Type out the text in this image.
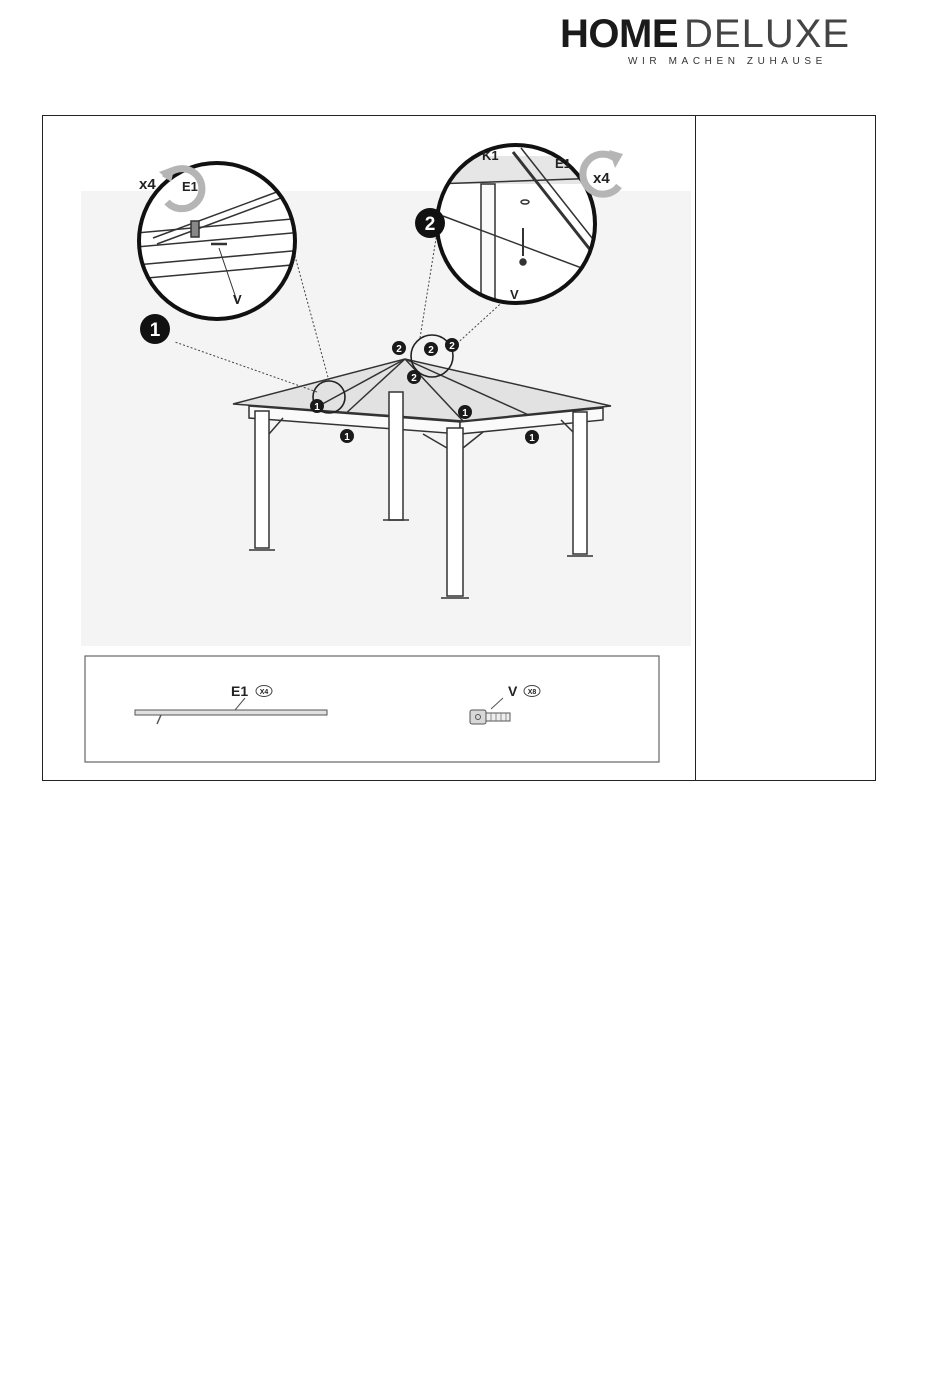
HOME DELUXE
WIR MACHEN ZUHAUSE
1
1
1
1
2	2 2
2
E1
V
x4
1
K1
E1
V
x4
2
E1 X4	V X8
